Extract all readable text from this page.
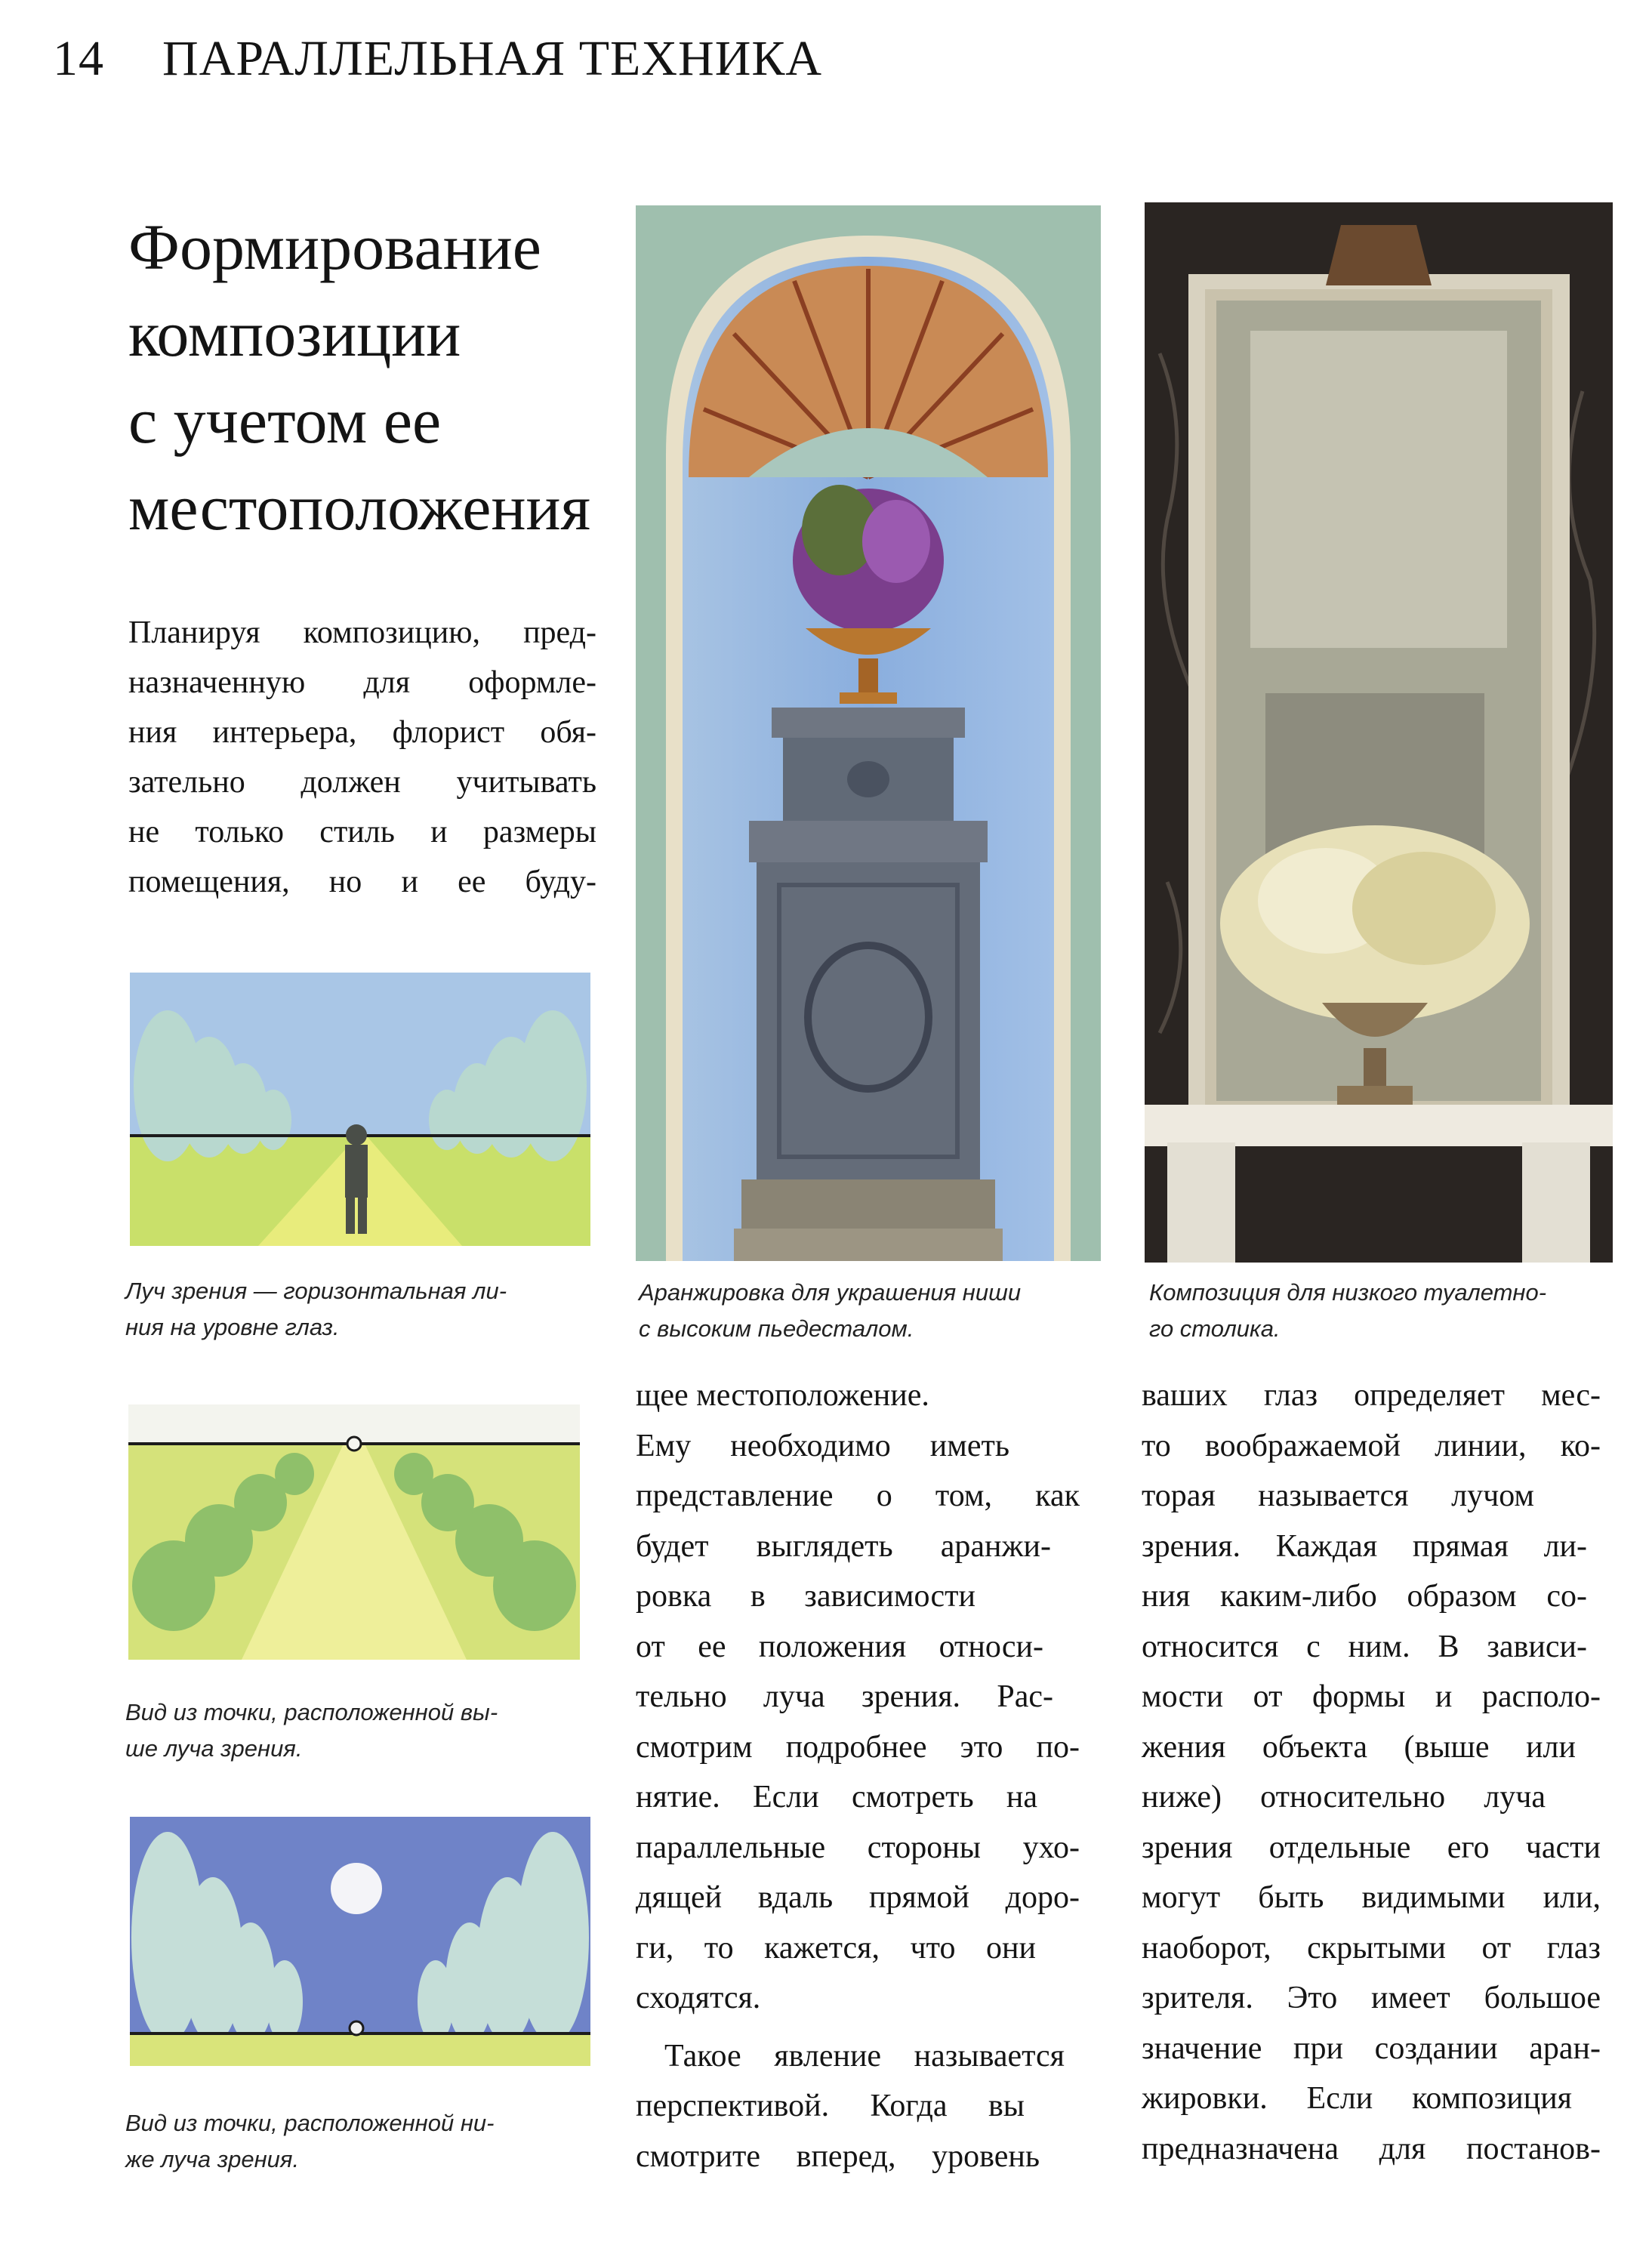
14 ПАРАЛЛЕЛЬНАЯ ТЕХНИКА
Формирование
композиции
с учетом ее
местоположения
Планируя композицию, пред-
назначенную для оформле-
ния интерьера, флорист обя-
зательно должен учитывать
не только стиль и размеры
помещения, но и ее буду-
Аранжировка для украшения ниши
с высоким пьедесталом.
Композиция для низкого туалетно-
го столика.
Луч зрения — горизонтальная ли-
ния на уровне глаз.
Вид из точки, расположенной вы-
ше луча зрения.
Вид из точки, расположенной ни-
же луча зрения.
щее местоположение.
Ему необходимо иметь
представление о том, как
будет выглядеть аранжи-
ровка в зависимости
от ее положения относи-
тельно луча зрения. Рас-
смотрим подробнее это по-
нятие. Если смотреть на
параллельные стороны ухо-
дящей вдаль прямой доро-
ги, то кажется, что они
сходятся.
Такое явление называется
перспективой. Когда вы
смотрите вперед, уровень
ваших глаз определяет мес-
то воображаемой линии, ко-
торая называется лучом
зрения. Каждая прямая ли-
ния каким-либо образом со-
относится с ним. В зависи-
мости от формы и располо-
жения объекта (выше или
ниже) относительно луча
зрения отдельные его части
могут быть видимыми или,
наоборот, скрытыми от глаз
зрителя. Это имеет большое
значение при создании аран-
жировки. Если композиция
предназначена для постанов-
